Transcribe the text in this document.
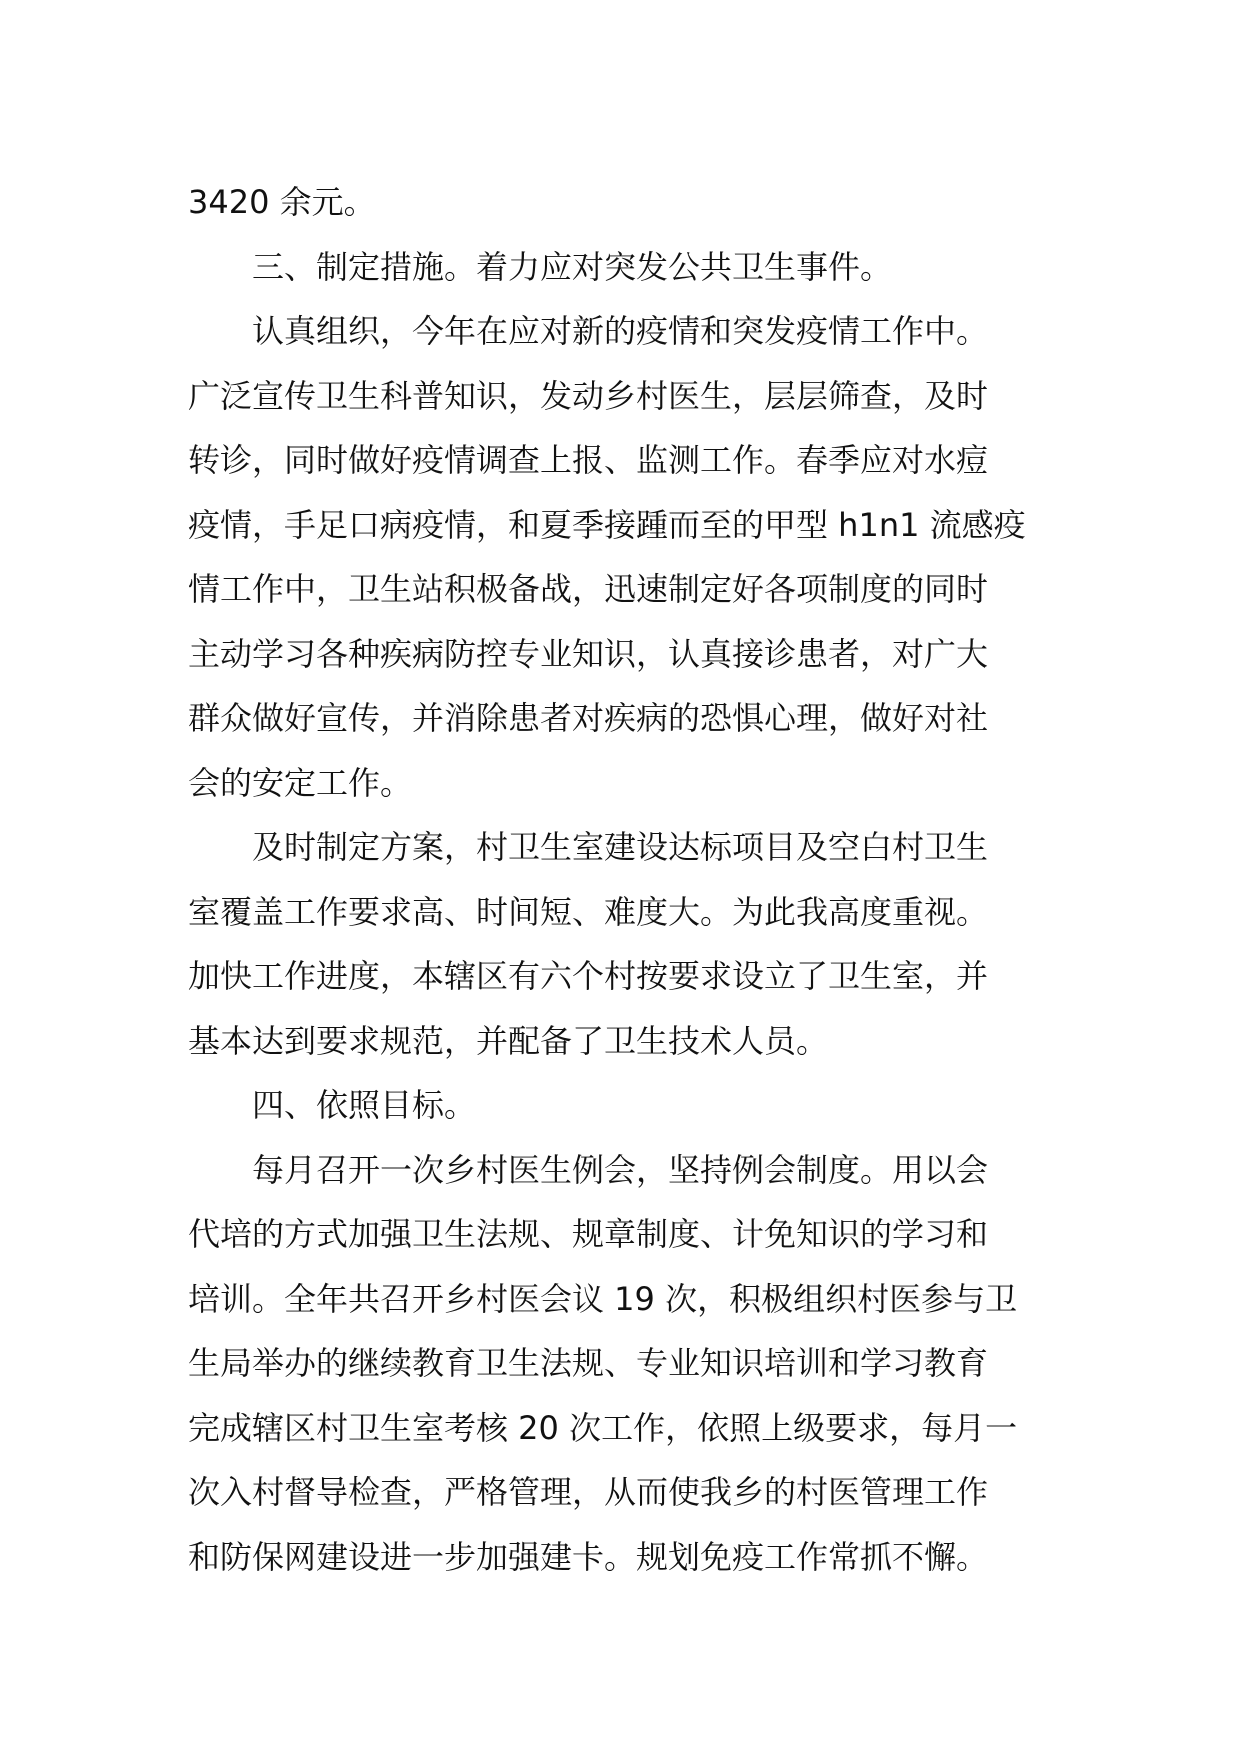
3420 余元。
三、制定措施。着力应对突发公共卫生事件。
认真组织，今年在应对新的疫情和突发疫情工作中。
广泛宣传卫生科普知识，发动乡村医生，层层筛查，及时
转诊，同时做好疫情调查上报、监测工作。春季应对水痘
疫情，手足口病疫情，和夏季接踵而至的甲型 h1n1 流感疫
情工作中，卫生站积极备战，迅速制定好各项制度的同时
主动学习各种疾病防控专业知识，认真接诊患者，对广大
群众做好宣传，并消除患者对疾病的恐惧心理，做好对社
会的安定工作。
及时制定方案，村卫生室建设达标项目及空白村卫生
室覆盖工作要求高、时间短、难度大。为此我高度重视。
加快工作进度，本辖区有六个村按要求设立了卫生室，并
基本达到要求规范，并配备了卫生技术人员。
四、依照目标。
每月召开一次乡村医生例会，坚持例会制度。用以会
代培的方式加强卫生法规、规章制度、计免知识的学习和
培训。全年共召开乡村医会议 19 次，积极组织村医参与卫
生局举办的继续教育卫生法规、专业知识培训和学习教育
完成辖区村卫生室考核 20 次工作，依照上级要求，每月一
次入村督导检查，严格管理，从而使我乡的村医管理工作
和防保网建设进一步加强建卡。规划免疫工作常抓不懈。
